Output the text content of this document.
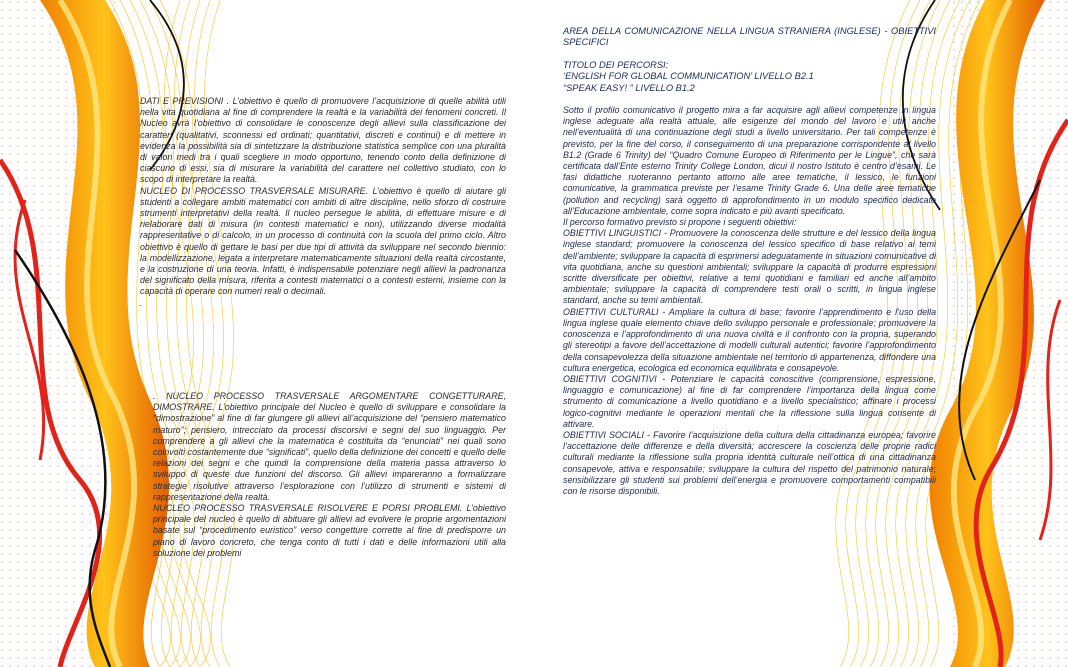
DATI E PREVISIONI . L’obiettivo è quello di promuovere l’acquisizione di quelle abilità utili nella vita quotidiana al fine di comprendere la realtà e la variabilità dei fenomeni concreti. Il Nucleo avrà l’obiettivo di consolidare le conoscenze degli allievi sulla classificazione dei caratteri (qualitativi, sconnessi ed ordinati; quantitativi, discreti e continui) e di mettere in evidenza la possibilità sia di sintetizzare la distribuzione statistica semplice con una pluralità di valori medi tra i quali scegliere in modo opportuno, tenendo conto della definizione di ciascuno di essi, sia di misurare la variabilità del carattere nel collettivo studiato, con lo scopo di interpretare la realtà.

NUCLEO DI PROCESSO TRASVERSALE MISURARE. L’obiettivo è quello di aiutare gli studenti a collegare ambiti matematici con ambiti di altre discipline, nello sforzo di costruire strumenti interpretativi della realtà. Il nucleo persegue le abilità, di effettuare misure e di rielaborare dati di misura (in contesti matematici e non), utilizzando diverse modalità rappresentative o di calcolo, in un processo di continuità con la scuola del primo ciclo. Altro obiettivo è quello di gettare le basi per due tipi di attività da sviluppare nel secondo biennio: la modellizzazione, legata a interpretare matematicamente situazioni della realtà circostante, e la costruzione di una teoria. Infatti, è indispensabile potenziare negli allievi la padronanza del significato della misura, riferita a contesti matematici o a contesti esterni, insieme con la capacità di operare con numeri reali o decimali.

.

. NUCLEO PROCESSO TRASVERSALE ARGOMENTARE CONGETTURARE, DIMOSTRARE. L’obiettivo principale del Nucleo è quello di sviluppare e consolidare la “dimostrazione” al fine di far giungere gli allievi all’acquisizione del “pensiero matematico maturo”; pensiero, intrecciato da processi discorsivi e segni del suo linguaggio. Per comprendere a gli allievi che la matematica è costituita da “enunciati” nei quali sono coinvolti costantemente due “significati”, quello della definizione dei concetti e quello delle relazioni dei segni e che quindi la comprensione della materia passa attraverso lo sviluppo di queste due funzioni del discorso. Gli allievi impareranno a formalizzare strategie risolutive attraverso l’esplorazione con l’utilizzo di strumenti e sistemi di rappresentazione della realtà.

NUCLEO PROCESSO TRASVERSALE RISOLVERE E PORSI PROBLEMI. L’obiettivo principale del nucleo è quello di abituare gli allievi ad evolvere le proprie argomentazioni basate sul “procedimento euristico” verso congetture corrette al fine di predisporre un piano di lavoro concreto, che tenga conto di tutti i dati e delle informazioni utili alla soluzione dei problemi

AREA DELLA COMUNICAZIONE NELLA LINGUA STRANIERA (INGLESE) - OBIETTIVI SPECIFICI

TITOLO DEI PERCORSI:

‘ENGLISH FOR GLOBAL COMMUNICATION’ LIVELLO B2.1

“SPEAK EASY! ” LIVELLO B1.2

Sotto il profilo comunicativo il progetto mira a far acquisire agli allievi competenze in lingua inglese adeguate alla realtà attuale, alle esigenze del mondo del lavoro e utili anche nell’eventualità di una continuazione degli studi a livello universitario. Per tali competenze è previsto, per la fine del corso, il conseguimento di una preparazione corrispondente al livello B1.2 (Grade 6 Trinity) del “Quadro Comune Europeo di Riferimento per le Lingue”, che sarà certificata dall’Ente esterno Trinity College London, dicui il nostro Istituto è centro d’esami. Le fasi didattiche ruoteranno pertanto attorno alle aree tematiche, il lessico, le funzioni comunicative, la grammatica previste per l’esame Trinity Grade 6. Una delle aree tematiche (pollution and recycling) sarà oggetto di approfondimento in un modulo specifico dedicato all’Educazione ambientale, come sopra indicato e più avanti specificato.

Il percorso formativo previsto si propone i seguenti obiettivi:

OBIETTIVI LINGUISTICI - Promuovere la conoscenza delle strutture e del lessico della lingua inglese standard; promuovere la conoscenza del lessico specifico di base relativo ai temi dell’ambiente; sviluppare la capacità di esprimersi adeguatamente in situazioni comunicative di vita quotidiana, anche su questioni ambientali; sviluppare la capacità di produrre espressioni scritte diversificate per obiettivi, relative a temi quotidiani e familiari ed anche all’ambito ambientale; sviluppare la capacità di comprendere testi orali o scritti, in lingua inglese standard, anche su temi ambientali.

OBIETTIVI CULTURALI - Ampliare la cultura di base; favorire l’apprendimento e l’uso della lingua inglese quale elemento chiave dello sviluppo personale e professionale; promuovere la conoscenza e l’approfondimento di una nuova civiltà e il confronto con la propria, superando gli stereotipi a favore dell’accettazione di modelli culturali autentici; favorire l’approfondimento della consapevolezza della situazione ambientale nel territorio di appartenenza, diffondere una cultura energetica, ecologica ed economica equilibrata e consapevole.

OBIETTIVI COGNITIVI - Potenziare le capacità conoscitive (comprensione, espressione, linguaggio e comunicazione) al fine di far comprendere l’importanza della lingua come strumento di comunicazione a livello quotidiano e a livello specialistico; affinare i processi logico-cognitivi mediante le operazioni mentali che la riflessione sulla lingua consente di attivare.

OBIETTIVI SOCIALI - Favorire l’acquisizione della cultura della cittadinanza europea; favorire l’accettazione delle differenze e della diversità; accrescere la coscienza delle proprie radici culturali mediante la riflessione sulla propria identità culturale nell’ottica di una cittadinanza consapevole, attiva e responsabile; sviluppare la cultura del rispetto del patrimonio naturale; sensibilizzare gli studenti sui problemi dell’energia e promuovere comportamenti compatibili con le risorse disponibili.
